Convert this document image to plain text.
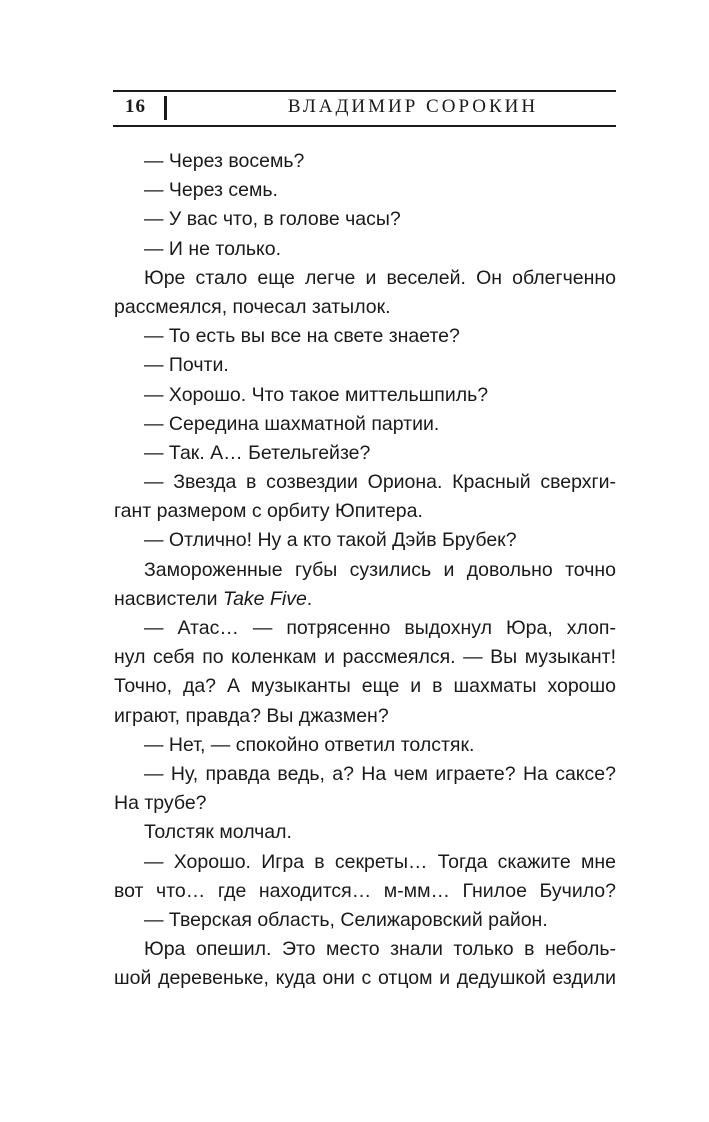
16	ВЛАДИМИР СОРОКИН
— Через восемь?
— Через семь.
— У вас что, в голове часы?
— И не только.
Юре стало еще легче и веселей. Он облегченно
рассмеялся, почесал затылок.
— То есть вы все на свете знаете?
— Почти.
— Хорошо. Что такое миттельшпиль?
— Середина шахматной партии.
— Так. А… Бетельгейзе?
— Звезда в созвездии Ориона. Красный сверхги-
гант размером с орбиту Юпитера.
— Отлично! Ну а кто такой Дэйв Брубек?
Замороженные губы сузились и довольно точно
насвистели Take Five.
— Атас… — потрясенно выдохнул Юра, хлоп-
нул себя по коленкам и рассмеялся. — Вы музыкант!
Точно, да? А музыканты еще и в шахматы хорошо
играют, правда? Вы джазмен?
— Нет, — спокойно ответил толстяк.
— Ну, правда ведь, а? На чем играете? На саксе?
На трубе?
Толстяк молчал.
— Хорошо. Игра в секреты… Тогда скажите мне
вот что… где находится… м-мм… Гнилое Бучило?
— Тверская область, Селижаровский район.
Юра опешил. Это место знали только в неболь-
шой деревеньке, куда они с отцом и дедушкой ездили
